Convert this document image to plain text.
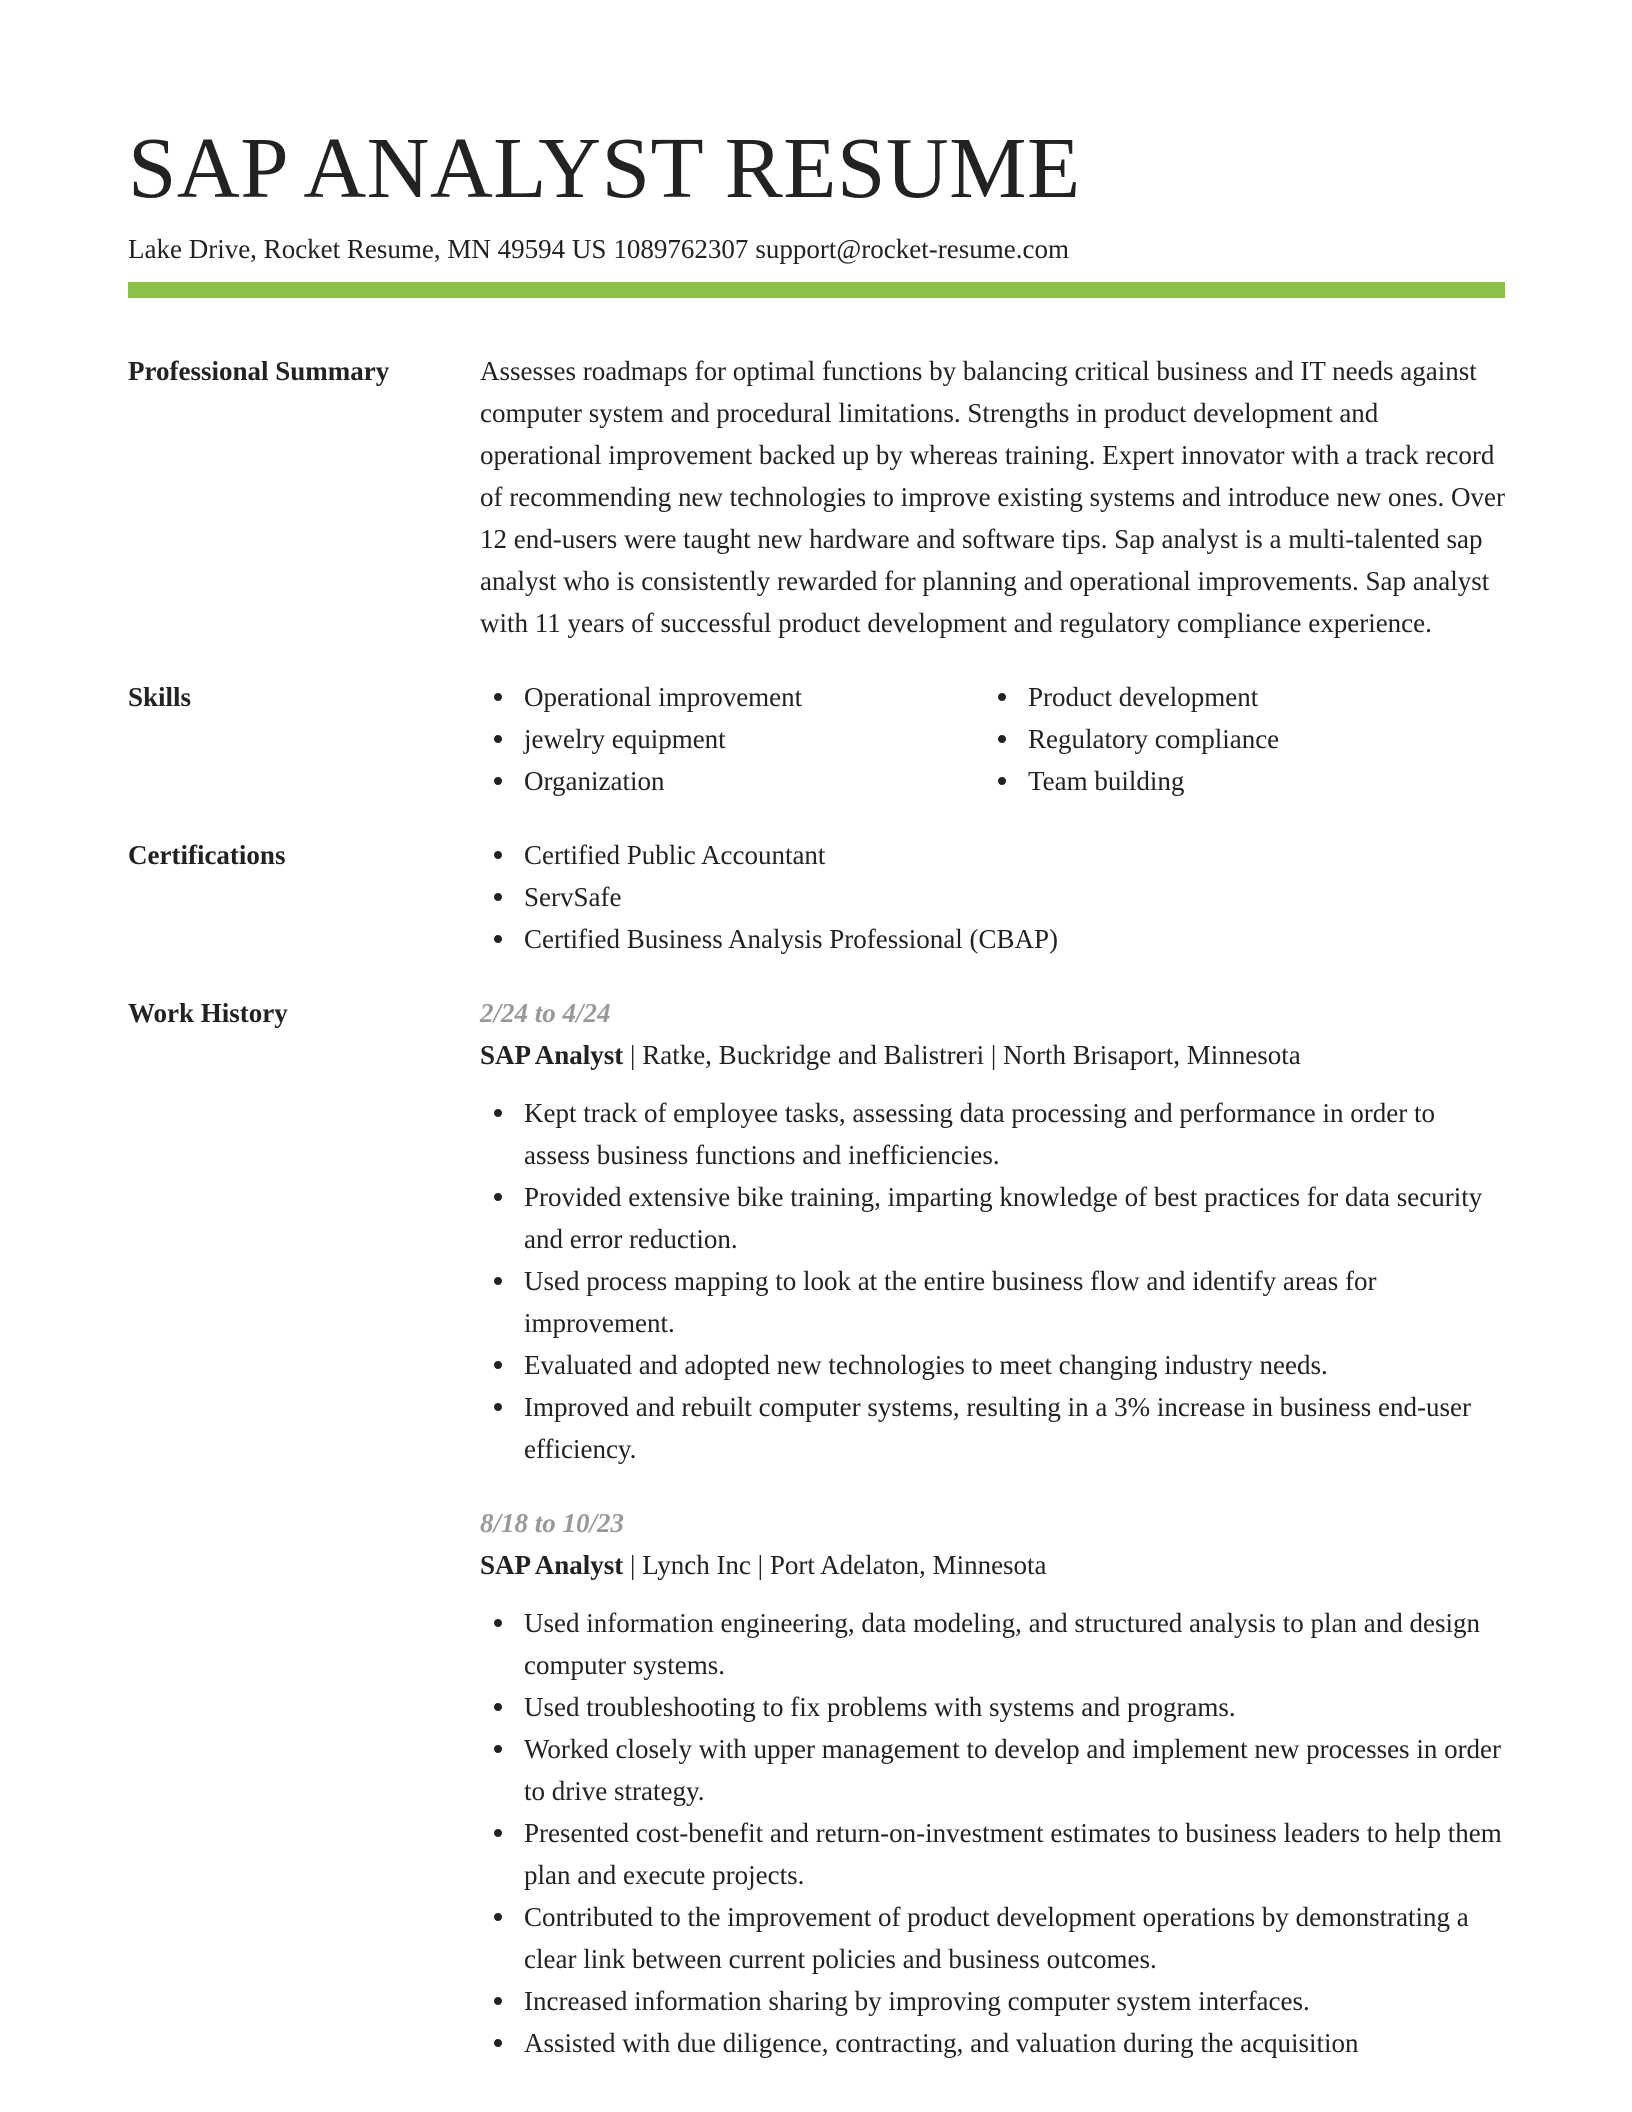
SAP ANALYST RESUME
Lake Drive, Rocket Resume, MN 49594 US 1089762307 support@rocket-resume.com
Professional Summary	Assesses roadmaps for optimal functions by balancing critical business and IT needs against computer system and procedural limitations. Strengths in product development and operational improvement backed up by whereas training. Expert innovator with a track record of recommending new technologies to improve existing systems and introduce new ones. Over 12 end-users were taught new hardware and software tips. Sap analyst is a multi-talented sap analyst who is consistently rewarded for planning and operational improvements. Sap analyst with 11 years of successful product development and regulatory compliance experience.
Skills	Operational improvement
jewelry equipment
Organization
Product development
Regulatory compliance
Team building
Certifications	Certified Public Accountant
ServSafe
Certified Business Analysis Professional (CBAP)
Work History	2/24 to 4/24
SAP Analyst | Ratke, Buckridge and Balistreri | North Brisaport, Minnesota
Kept track of employee tasks, assessing data processing and performance in order to assess business functions and inefficiencies.
Provided extensive bike training, imparting knowledge of best practices for data security and error reduction.
Used process mapping to look at the entire business flow and identify areas for improvement.
Evaluated and adopted new technologies to meet changing industry needs.
Improved and rebuilt computer systems, resulting in a 3% increase in business end-user efficiency.
8/18 to 10/23
SAP Analyst | Lynch Inc | Port Adelaton, Minnesota
Used information engineering, data modeling, and structured analysis to plan and design computer systems.
Used troubleshooting to fix problems with systems and programs.
Worked closely with upper management to develop and implement new processes in order to drive strategy.
Presented cost-benefit and return-on-investment estimates to business leaders to help them plan and execute projects.
Contributed to the improvement of product development operations by demonstrating a clear link between current policies and business outcomes.
Increased information sharing by improving computer system interfaces.
Assisted with due diligence, contracting, and valuation during the acquisition
